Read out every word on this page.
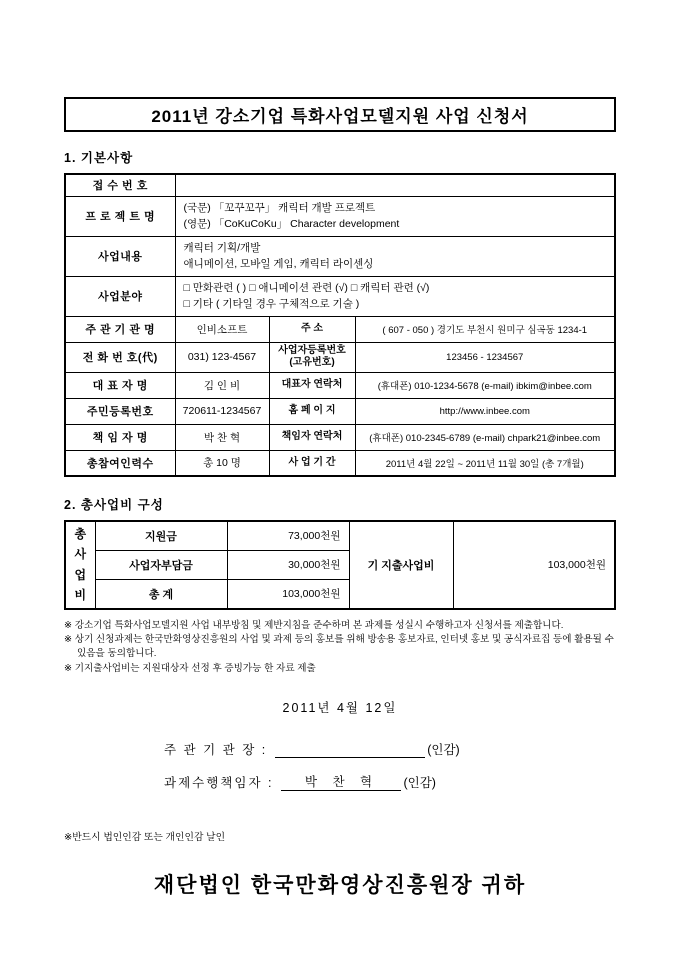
2011년 강소기업 특화사업모델지원 사업 신청서
1. 기본사항
접 수 번 호			
프 로 젝 트 명	(국문) 「꼬꾸꼬꾸」 캐릭터 개발 프로젝트
(영문) 「CoKuCoKu」 Character development		

사업내용	캐릭터 기획/개발
애니메이션, 모바일 게임, 캐릭터 라이센싱		

사업분야	□ 만화관련 ( ) □ 애니메이션 관련 (√) □ 캐릭터 관련 (√)
□ 기타 ( 기타일 경우 구체적으로 기술 )		

주 관 기 관 명	인비소프트	주 소	( 607 - 050 ) 경기도 부천시 원미구 심곡동 1234-1
전 화 번 호(代)	031) 123-4567	사업자등록번호 (고유번호)	123456 - 1234567
대 표 자 명	김 인 비	대표자 연락처	(휴대폰) 010-1234-5678 (e-mail) ibkim@inbee.com
주민등록번호	720611-1234567	홈 페 이 지	http://www.inbee.com
책 임 자 명	박 찬 혁	책임자 연락처	(휴대폰) 010-2345-6789 (e-mail) chpark21@inbee.com
총참여인력수	총 10 명	사 업 기 간	2011년 4월 22일 ~ 2011년 11월 30일 (총 7개월)
2. 총사업비 구성
총사업비	지원금	73,000천원	기 지출사업비	103,000천원
	사업자부담금	30,000천원		
	총 계	103,000천원		
※ 강소기업 특화사업모델지원 사업 내부방침 및 제반지침을 준수하며 본 과제를 성실시 수행하고자 신청서를 제출합니다.
※ 상기 신청과제는 한국만화영상진흥원의 사업 및 과제 등의 홍보를 위해 방송용 홍보자료, 인터넷 홍보 및 공식자료집 등에 활용될 수 있음을 동의합니다.
※ 기지출사업비는 지원대상자 선정 후 증빙가능 한 자료 제출
2011년 4월 12일
주 관 기 관 장 :	(인감)
과제수행책임자 :	박 찬 혁	(인감)
※반드시 법인인감 또는 개인인감 날인
재단법인 한국만화영상진흥원장 귀하
